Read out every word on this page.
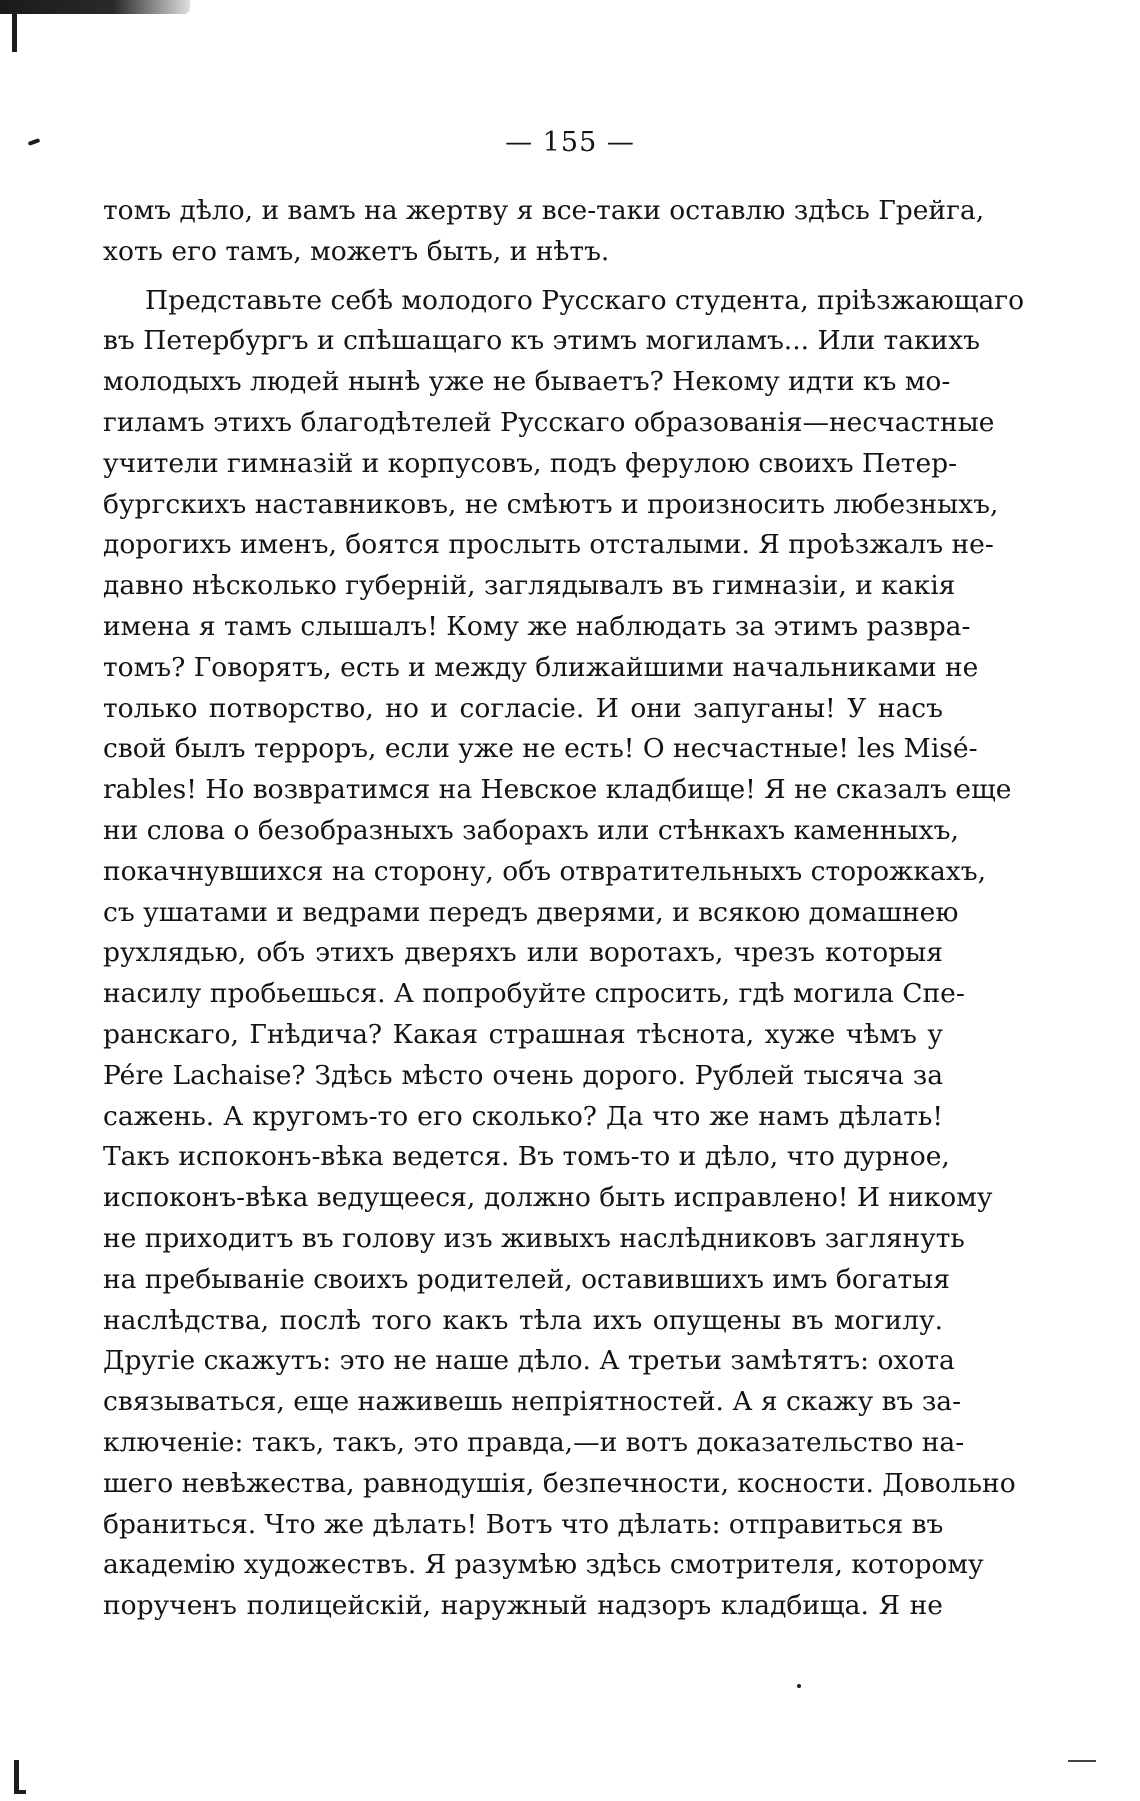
— 155 —
томъ дѣло, и вамъ на жертву я все-таки оставлю здѣсь Грейга,
хоть его тамъ, можетъ быть, и нѣтъ.
Представьте себѣ молодого Русскаго студента, пріѣзжающаго
въ Петербургъ и спѣшащаго къ этимъ могиламъ... Или такихъ
молодыхъ людей нынѣ уже не бываетъ? Некому идти къ мо-
гиламъ этихъ благодѣтелей Русскаго образованія—несчастные
учители гимназій и корпусовъ, подъ ферулою своихъ Петер-
бургскихъ наставниковъ, не смѣютъ и произносить любезныхъ,
дорогихъ именъ, боятся прослыть отсталыми. Я проѣзжалъ не-
давно нѣсколько губерній, заглядывалъ въ гимназіи, и какія
имена я тамъ слышалъ! Кому же наблюдать за этимъ развра-
томъ? Говорятъ, есть и между ближайшими начальниками не
только потворство, но и согласіе. И они запуганы! У насъ
свой былъ терроръ, если уже не есть! О несчастные! les Misé-
rables! Но возвратимся на Невское кладбище! Я не сказалъ еще
ни слова о безобразныхъ заборахъ или стѣнкахъ каменныхъ,
покачнувшихся на сторону, объ отвратительныхъ сторожкахъ,
съ ушатами и ведрами передъ дверями, и всякою домашнею
рухлядью, объ этихъ дверяхъ или воротахъ, чрезъ которыя
насилу пробьешься. А попробуйте спросить, гдѣ могила Спе-
ранскаго, Гнѣдича? Какая страшная тѣснота, хуже чѣмъ у
Pére Lachaise? Здѣсь мѣсто очень дорого. Рублей тысяча за
сажень. А кругомъ-то его сколько? Да что же намъ дѣлать!
Такъ испоконъ-вѣка ведется. Въ томъ-то и дѣло, что дурное,
испоконъ-вѣка ведущееся, должно быть исправлено! И никому
не приходитъ въ голову изъ живыхъ наслѣдниковъ заглянуть
на пребываніе своихъ родителей, оставившихъ имъ богатыя
наслѣдства, послѣ того какъ тѣла ихъ опущены въ могилу.
Другіе скажутъ: это не наше дѣло. А третьи замѣтятъ: охота
связываться, еще наживешь непріятностей. А я скажу въ за-
ключеніе: такъ, такъ, это правда,—и вотъ доказательство на-
шего невѣжества, равнодушія, безпечности, косности. Довольно
браниться. Что же дѣлать! Вотъ что дѣлать: отправиться въ
академію художествъ. Я разумѣю здѣсь смотрителя, которому
порученъ полицейскій, наружный надзоръ кладбища. Я не
